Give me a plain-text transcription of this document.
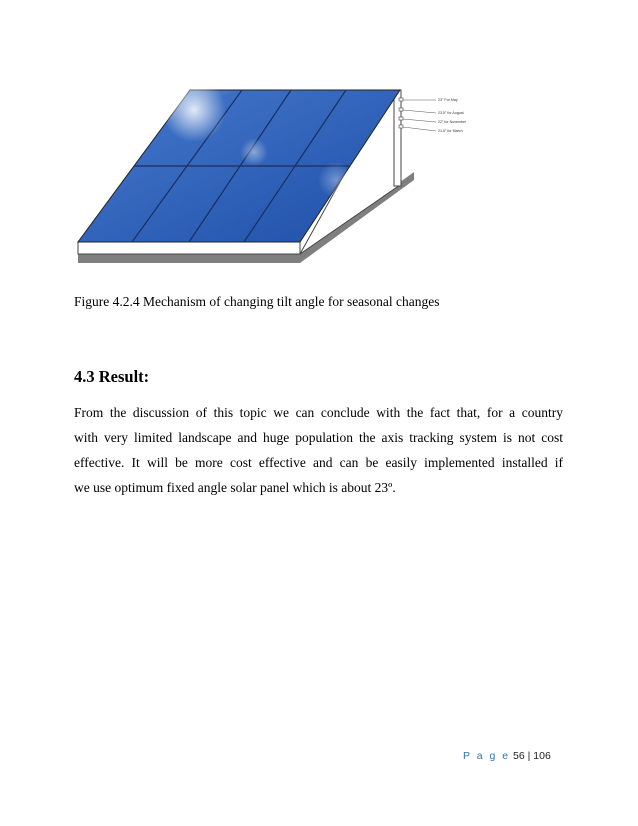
23° For May
23.5° for August
22° for November
21.5° for March
Figure 4.2.4 Mechanism of changing tilt angle for seasonal changes
4.3 Result:
From the discussion of this topic we can conclude with the fact that, for a country
with very limited landscape and huge population the axis tracking system is not cost
effective. It will be more cost effective and can be easily implemented installed if
we use optimum fixed angle solar panel which is about 23º.
P a g e 56 | 106
